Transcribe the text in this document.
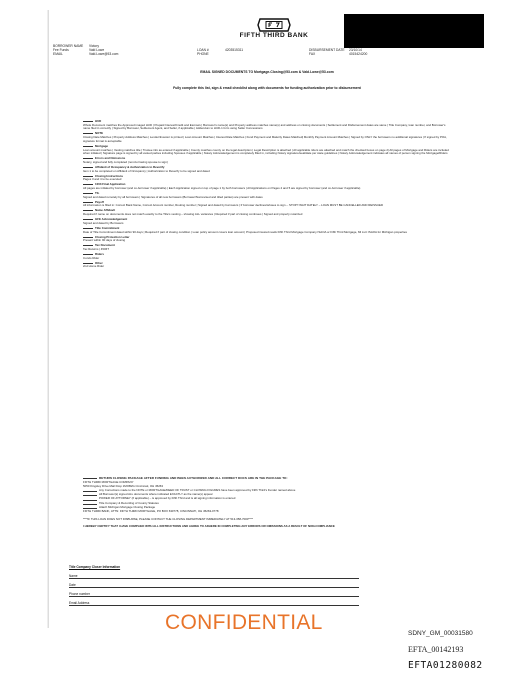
FIFTH THIRD BANK
BORROWER NAME
Fee Funds
EMAIL
Victory
Vald Lowe
Vald.Lowe@53.com
LOAN #
PHONE
4203515311	DISBURSEMENT DATE
FAX
23/10/14
4015424200
EMAIL SIGNED DOCUMENTS TO Mortgage-Closing@53.com & Vald.Lowe@53.com
Fully complete this list, sign & email checklist along with documents for funding authorization prior to disbursement

HUD
Whole Document matches the Approved imaged HUD | Prepaid Interest/Credit and Escrows | Borrower's name(s) and Property address matches name(s) and address on closing documents | Settlement and Disbursement dates are same | Title Company, loan number, and Borrower's name filed in correctly | Signed by Borrower, Settlement Agent, and Seller, if applicable | Addendum to HUD-1 form using Seller Concessions

NOTE
Closing Date Matches | Property Address Matches | Lender/Investor is printed | Loan Amount Matches | Interest Rate Matches | Fund Payment and Maturity Dates Matched| Monthly Payment Amount Matches | Signed by ONLY the borrowers no additional signatures | If signed by POA, signature format is acceptable

Mortgage
Loan amount matches | Vesting matches title | Trustee info as entered if applicable | County matches county on the legal description | Legal Description is attached | All applicable riders are attached and match the checked boxes on page 2| All pages of Mortgage and Riders are included when initialed | Signature page is signed by all vested parties including Spouses if applicable | Notary Acknowledgement is completely filled in, including Notary signature/seal/date per state guidelines | Notary Acknowledgement indicates all names of person signing the Mortgage/Riders

Errors and Omissions
Notary, signed and fully completed (non-borrowing spouse to sign)

Affidavit of Occupancy & Authorization to Reverify
Item 1 to be completed on Affidavit of Occupancy | Authorization to Reverify to be signed and dated

Closing Instructions
Pages 3 and 4 to be executed

1003 Final Application
All pages are initialed by borrower (and co-borrower if applicable) | Each Application signed on top of page 1 by both borrowers | All Applications on Pages 4 and 5 are signed by borrower (and co-borrower if applicable)

TIL
Signed and dated remotely by all borrowers | Signatures of all new borrowers (Borrower/Nonrevised and titled parties) are present with dates

Payoff
All information is filled in: Correct Bank Name, Correct Account number, Routing number | Signed and dated by borrowers | If borrower declines/refuses to sign -- STOP!! WAIT DATELY – LOAN MUST BE CANCELLED AND REISSUED

Name Affidavit
Required if name on documents does not match exactly to the Title's vesting – showing ALL variances | Required if part of closing continues | Signed and properly notarized

GFE Acknowledgement
Signed and dated by Borrowers

Title Commitment
Date of Title Commitment dated within 90 days | Required if part of closing condition | Loan policy amount covers loan amount | Proposed insured reads Fifth Third Mortgage Company ISAOA or Fifth Third Mortgage, MI LLC ISAOA for Michigan properties

Closing Protection Letter
Present within 90 days of closing

Tax Document
Tax Returns | 4506T

Riders
Condo Rider

Other
2nd Home Rider

RETURN CLOSING PACKAGE AFTER FUNDING AND BEEN AUTHORIZED AND ALL CORRECT DOCS ARE IN THE PACKAGE TO:
FIFTH THIRD MORTGAGE COMPANY
5050 Kingsley Drive Mail Drop 1MOB2G Cincinnati, OH 45263
Any Corrections made to the NOTE or MORTGAGE/DEED OF TRUST or CLOSING FIGURES have been approved by Fifth Third's Funder named above
All Borrower(s) signed ALL documents where indicated EXACTLY as the name(s) appear
POWER OF ATTORNEY (if applicable) – is approved by Fifth Third and is all signing information is entered
Title Company & Recording of County Statutes
Attach Michigan Mortgage Closing Package
FIFTH THIRD BANK, ATTN: FIFTH THIRD MORTGAGE, PO BOX 630778, CINCINNATI, OH 45263-0778
****IF THIS LOAN DOES NOT DISBURSE, PLEASE CONTACT THE CLOSING DEPARTMENT IMMEDIATELY AT 513-358-7000****
I HEREBY CERTIFY THAT I HAVE COMPLIED WITH ALL INSTRUCTIONS AND AGREE TO ADHERE IN COMPLETING ANY ERRORS OR OMISSIONS AS A RESULT OF NON-COMPLIANCE
Title Company Closer Information
Name
Date
Phone number
Email Address
CONFIDENTIAL	SDNY_GM_00031580
EFTA_00142193
EFTA01280082
